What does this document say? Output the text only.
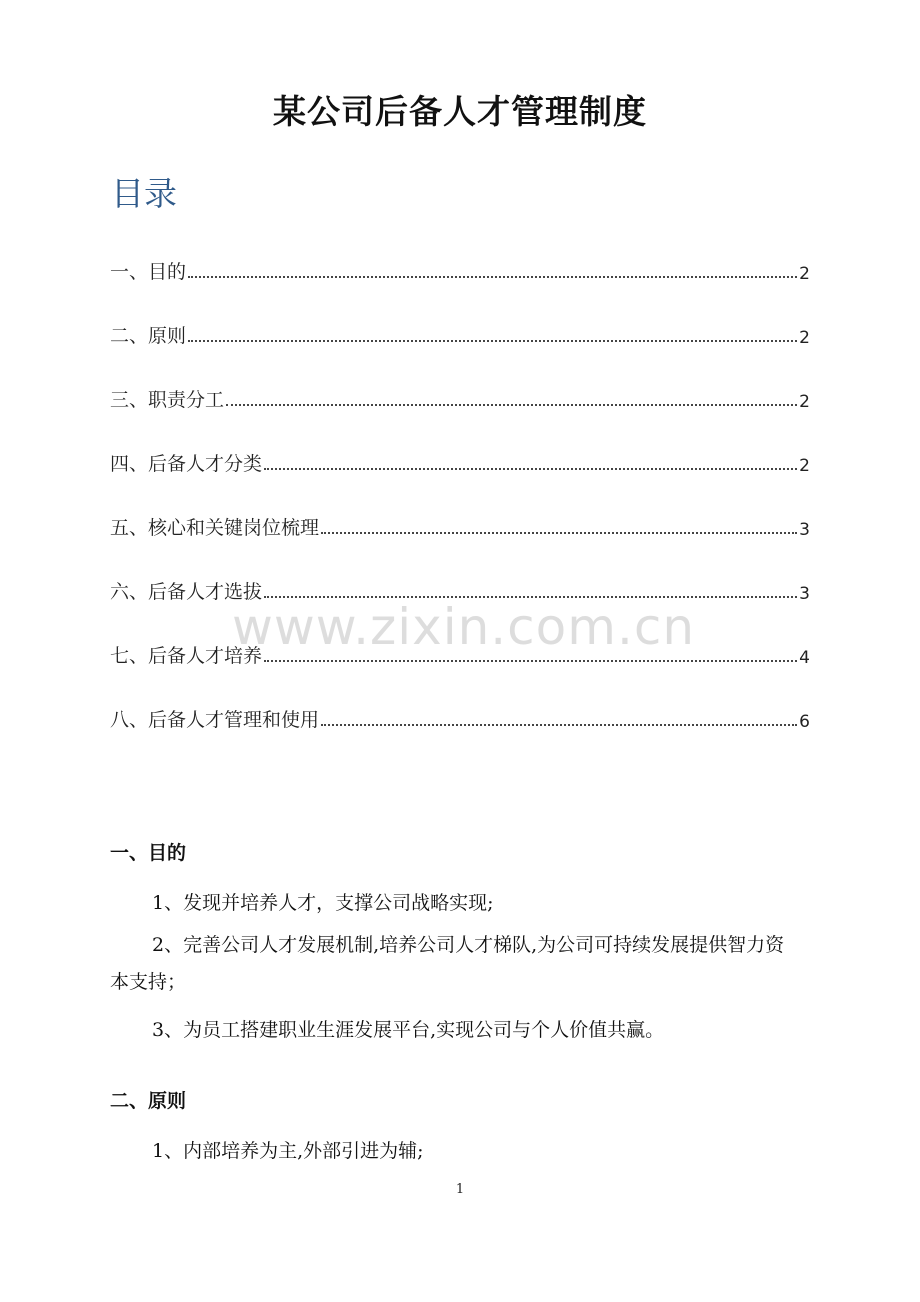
某公司后备人才管理制度
目录
一、目的	2
二、原则	2
三、职责分工	2
四、后备人才分类	2
五、核心和关键岗位梳理	3
六、后备人才选拔	3
七、后备人才培养	4
八、后备人才管理和使用	6
www.zixin.com.cn
一、目的

1、发现并培养人才，支撑公司战略实现;

2、完善公司人才发展机制,培养公司人才梯队,为公司可持续发展提供智力资本支持；

3、为员工搭建职业生涯发展平台,实现公司与个人价值共赢。

二、原则

1、内部培养为主,外部引进为辅;

1
